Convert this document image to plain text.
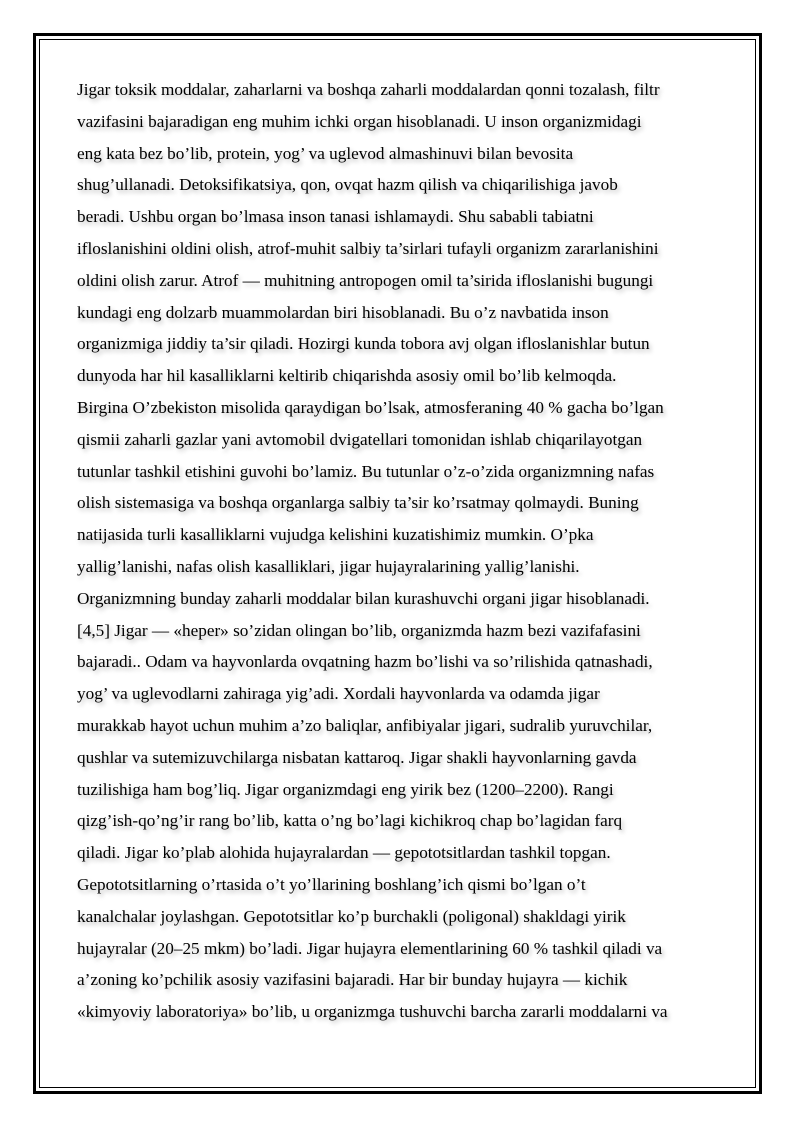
Jigar toksik moddalar, zaharlarni va boshqa zaharli moddalardan qonni tozalash, filtr
vazifasini bajaradigan eng muhim ichki organ hisoblanadi. U inson organizmidagi
eng kata bez bo’lib, protein, yog’ va uglevod almashinuvi bilan bevosita
shug’ullanadi. Detoksifikatsiya, qon, ovqat hazm qilish va chiqarilishiga javob
beradi. Ushbu organ bo’lmasa inson tanasi ishlamaydi. Shu sababli tabiatni
ifloslanishini oldini olish, atrof-muhit salbiy ta’sirlari tufayli organizm zararlanishini
oldini olish zarur. Atrof — muhitning antropogen omil ta’sirida ifloslanishi bugungi
kundagi eng dolzarb muammolardan biri hisoblanadi. Bu o’z navbatida inson
organizmiga jiddiy ta’sir qiladi. Hozirgi kunda tobora avj olgan ifloslanishlar butun
dunyoda har hil kasalliklarni keltirib chiqarishda asosiy omil bo’lib kelmoqda.
Birgina O’zbekiston misolida qaraydigan bo’lsak, atmosferaning 40 % gacha bo’lgan
qismii zaharli gazlar yani avtomobil dvigatellari tomonidan ishlab chiqarilayotgan
tutunlar tashkil etishini guvohi bo’lamiz. Bu tutunlar o’z-o’zida organizmning nafas
olish sistemasiga va boshqa organlarga salbiy ta’sir ko’rsatmay qolmaydi. Buning
natijasida turli kasalliklarni vujudga kelishini kuzatishimiz mumkin. O’pka
yallig’lanishi, nafas olish kasalliklari, jigar hujayralarining yallig’lanishi.
Organizmning bunday zaharli moddalar bilan kurashuvchi organi jigar hisoblanadi.
[4,5] Jigar — «heper» so’zidan olingan bo’lib, organizmda hazm bezi vazifafasini
bajaradi.. Odam va hayvonlarda ovqatning hazm bo’lishi va so’rilishida qatnashadi,
yog’ va uglevodlarni zahiraga yig’adi. Xordali hayvonlarda va odamda jigar
murakkab hayot uchun muhim a’zo baliqlar, anfibiyalar jigari, sudralib yuruvchilar,
qushlar va sutemizuvchilarga nisbatan kattaroq. Jigar shakli hayvonlarning gavda
tuzilishiga ham bog’liq. Jigar organizmdagi eng yirik bez (1200–2200). Rangi
qizg’ish-qo’ng’ir rang bo’lib, katta o’ng bo’lagi kichikroq chap bo’lagidan farq
qiladi. Jigar ko’plab alohida hujayralardan — gepototsitlardan tashkil topgan.
Gepototsitlarning o’rtasida o’t yo’llarining boshlang’ich qismi bo’lgan o’t
kanalchalar joylashgan. Gepototsitlar ko’p burchakli (poligonal) shakldagi yirik
hujayralar (20–25 mkm) bo’ladi. Jigar hujayra elementlarining 60 % tashkil qiladi va
a’zoning ko’pchilik asosiy vazifasini bajaradi. Har bir bunday hujayra — kichik
«kimyoviy laboratoriya» bo’lib, u organizmga tushuvchi barcha zararli moddalarni va
